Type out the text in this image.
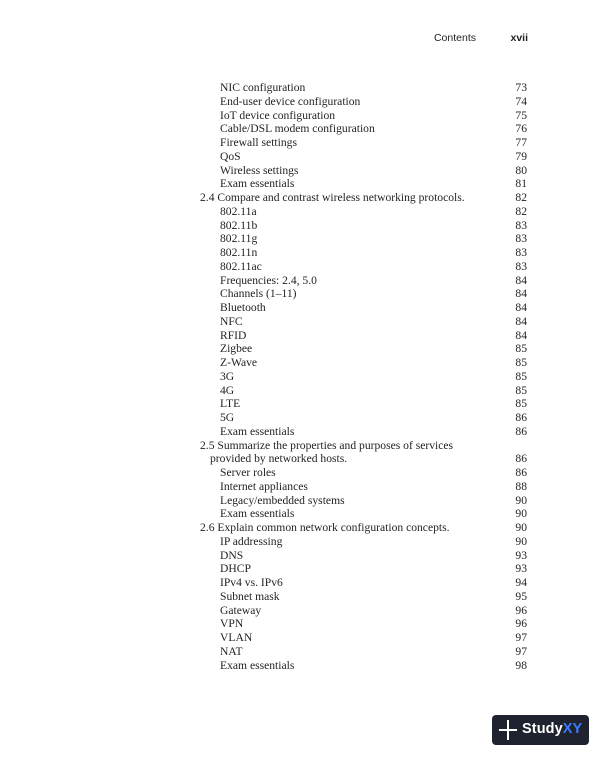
Contents	xvii
NIC configuration	73
End-user device configuration	74
IoT device configuration	75
Cable/DSL modem configuration	76
Firewall settings	77
QoS	79
Wireless settings	80
Exam essentials	81
2.4 Compare and contrast wireless networking protocols.	82
802.11a	82
802.11b	83
802.11g	83
802.11n	83
802.11ac	83
Frequencies: 2.4, 5.0	84
Channels (1–11)	84
Bluetooth	84
NFC	84
RFID	84
Zigbee	85
Z-Wave	85
3G	85
4G	85
LTE	85
5G	86
Exam essentials	86
2.5 Summarize the properties and purposes of services
provided by networked hosts.	86
Server roles	86
Internet appliances	88
Legacy/embedded systems	90
Exam essentials	90
2.6 Explain common network configuration concepts.	90
IP addressing	90
DNS	93
DHCP	93
IPv4 vs. IPv6	94
Subnet mask	95
Gateway	96
VPN	96
VLAN	97
NAT	97
Exam essentials	98
StudyXY
